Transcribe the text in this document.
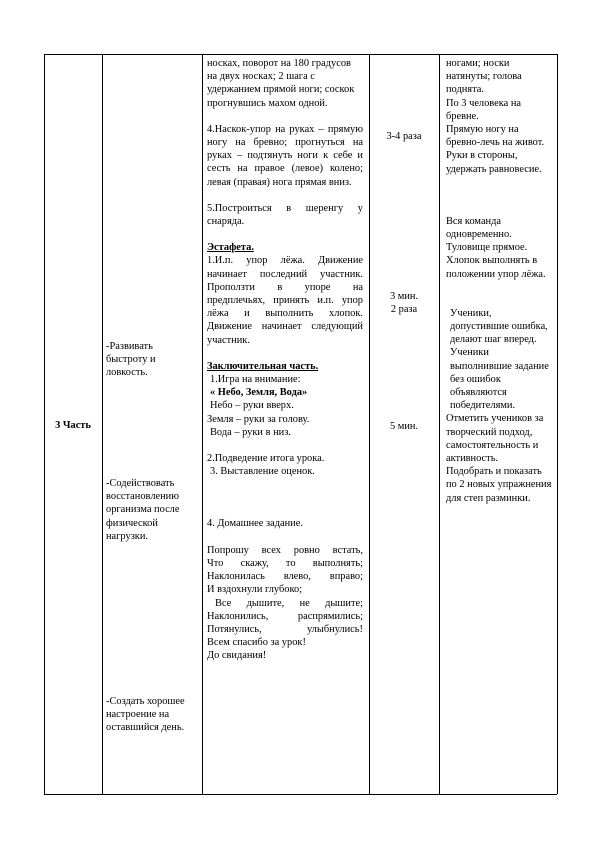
3 Часть
-Развивать быстроту и ловкость.
-Содействовать восстановлению организма после физической нагрузки.
-Создать хорошее настроение на оставшийся день.

носках, поворот на 180 градусов на двух носках; 2 шага с удержанием прямой ноги; соскок прогнувшись махом одной.

4.Наскок-упор на руках – прямую ногу на бревно; прогнуться на руках – подтянуть ноги к себе и сесть на правое (левое) колено; левая (правая) нога прямая вниз.

5.Построиться в шеренгу у снаряда.

Эстафета.

1.И.п. упор лёжа. Движение начинает последний участник. Проползти в упоре на предплечьях, принять и.п. упор лёжа и выполнить хлопок. Движение начинает следующий участник.

Заключительная часть.

1.Игра на внимание:

« Небо, Земля, Вода»

Небо – руки вверх.

Земля – руки за голову.

Вода – руки в низ.

2.Подведение итога урока.

3. Выставление оценок.

4. Домашнее задание.

Попрошу всех ровно встать,

Что скажу, то выполнять;

Наклонилась влево, вправо;

И вздохнули глубоко;

Все дышите, не дышите;

Наклонились, распрямились;

Потянулись, улыбнулись!

Всем спасибо за урок!

До свидания!

3-4 раза
3 мин.
2 раза
5 мин.

ногами; носки натянуты; голова поднята.

По 3 человека на бревне.

Прямую ногу на бревно-лечь на живот.

Руки в стороны, удержать равновесие.

Вся команда одновременно.

Туловище прямое.

Хлопок выполнять в положении упор лёжа.

Ученики, допустившие ошибка, делают шаг вперед. Ученики выполнившие задание без ошибок объявляются победителями.

Отметить учеников за творческий подход, самостоятельность и активность.

Подобрать и показать по 2 новых упражнения для степ разминки.
